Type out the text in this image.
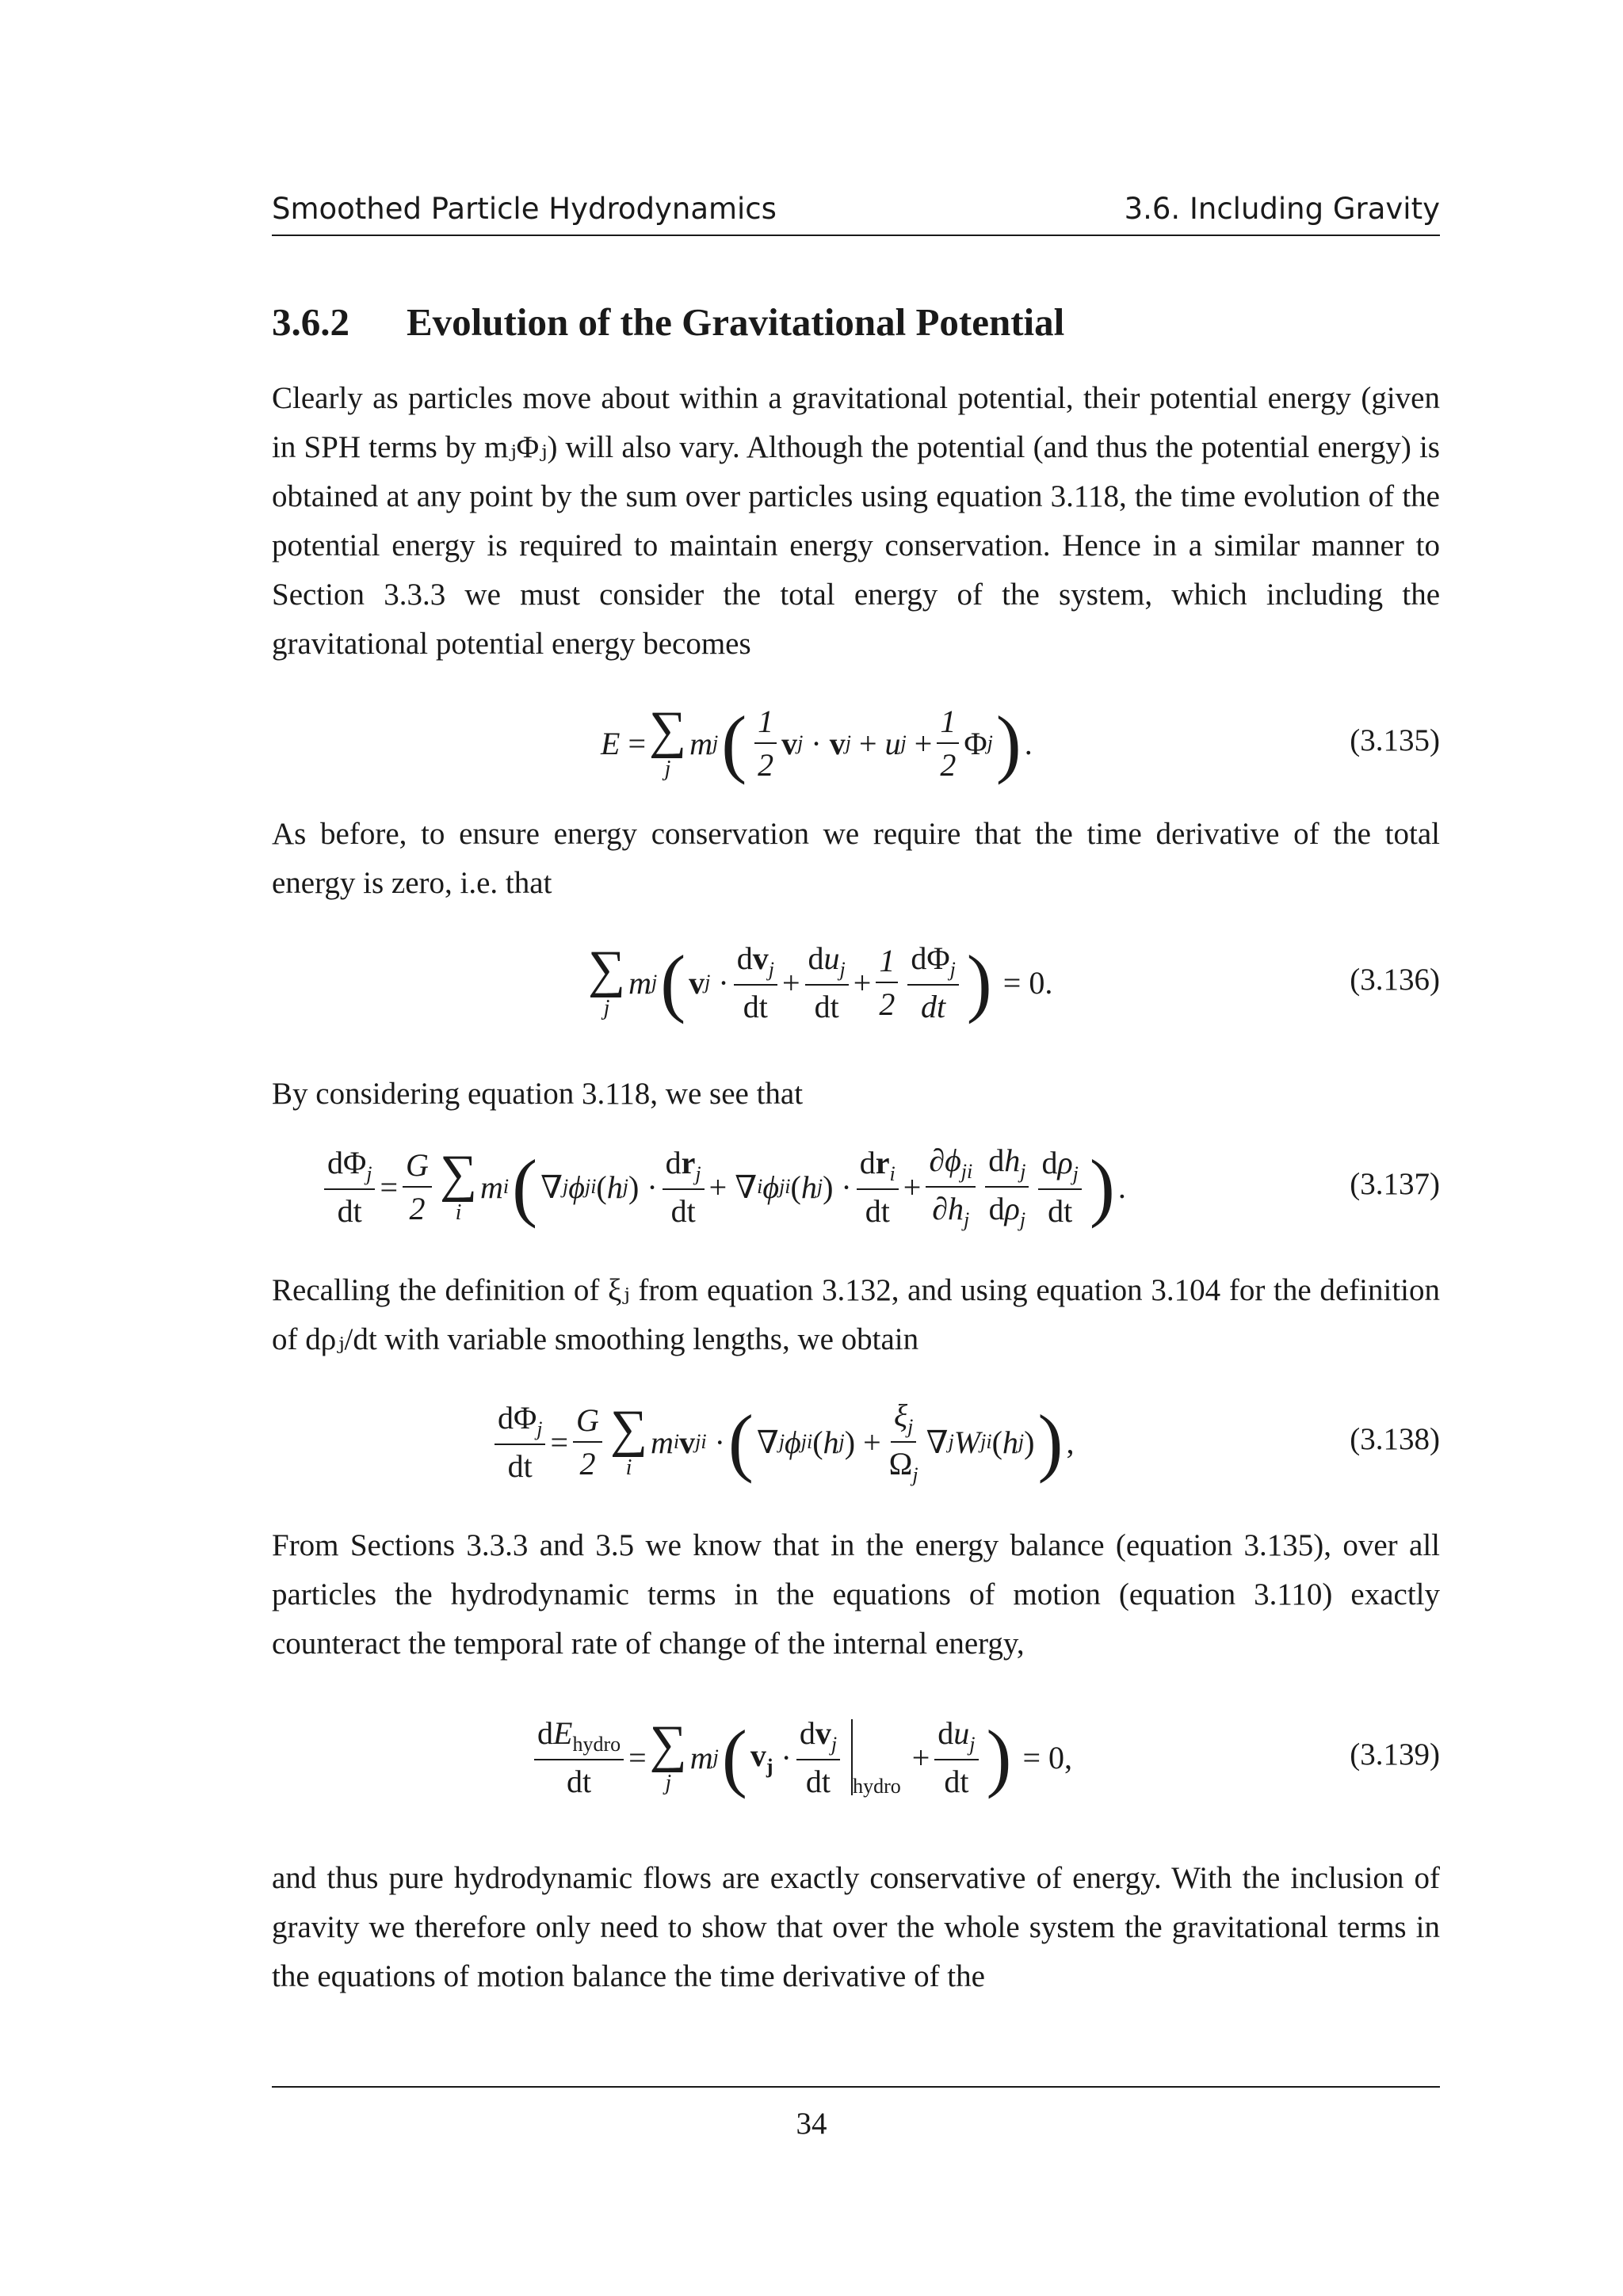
Smoothed Particle Hydrodynamics	3.6. Including Gravity
3.6.2 Evolution of the Gravitational Potential
Clearly as particles move about within a gravitational potential, their potential energy (given in SPH terms by mⱼΦⱼ) will also vary. Although the potential (and thus the potential energy) is obtained at any point by the sum over particles using equation 3.118, the time evolution of the potential energy is required to maintain energy conservation. Hence in a similar manner to Section 3.3.3 we must consider the total energy of the system, which including the gravitational potential energy becomes
E = ∑
j
m j ( $\frac{1}{2}$ v j
·
v j
+ u j
+ $\frac{1}{2}$ Φ j ) .	(3.135)
As before, to ensure energy conservation we require that the time derivative of the total energy is zero, i.e. that
∑
j
m j ( v j
· $\frac{dv_j}{dt} + \frac{du_j}{dt} + \frac{1}{2} \frac{d\Phi_j}{dt}$ )
= 0.	(3.136)
By considering equation 3.118, we see that
$\frac{d\Phi_j}{dt} = \frac{G}{2}$ ∑
i
m i ( ∇ j ϕ ji ( h j )
· $\frac{dr_j}{dt}$ +
∇ i ϕ ji ( h j )
· $\frac{dr_i}{dt} + \frac{\partial\phi_{ji}}{\partial h_j} \frac{dh_j}{d\rho_j} \frac{d\rho_j}{dt}$ ) .	(3.137)
Recalling the definition of ξⱼ from equation 3.132, and using equation 3.104 for the definition of dρⱼ/dt with variable smoothing lengths, we obtain
$\frac{d\Phi_j}{dt} = \frac{G}{2}$ ∑
i
m i v ji
· ( ∇ j ϕ ji ( h j )
+ $\frac{\xi_j}{\Omega_j}$ ∇ j W ji ( h j ) ) ,	(3.138)
From Sections 3.3.3 and 3.5 we know that in the energy balance (equation 3.135), over all particles the hydrodynamic terms in the equations of motion (equation 3.110) exactly counteract the temporal rate of change of the internal energy,
$\frac{dE_{hydro}}{dt}$ = ∑
j
m j ( $v_j$
· $\frac{dv_j}{dt} _{hydro}$
+ $\frac{du_j}{dt}$ )
= 0,	(3.139)
and thus pure hydrodynamic flows are exactly conservative of energy. With the inclusion of gravity we therefore only need to show that over the whole system the gravitational terms in the equations of motion balance the time derivative of the
34
